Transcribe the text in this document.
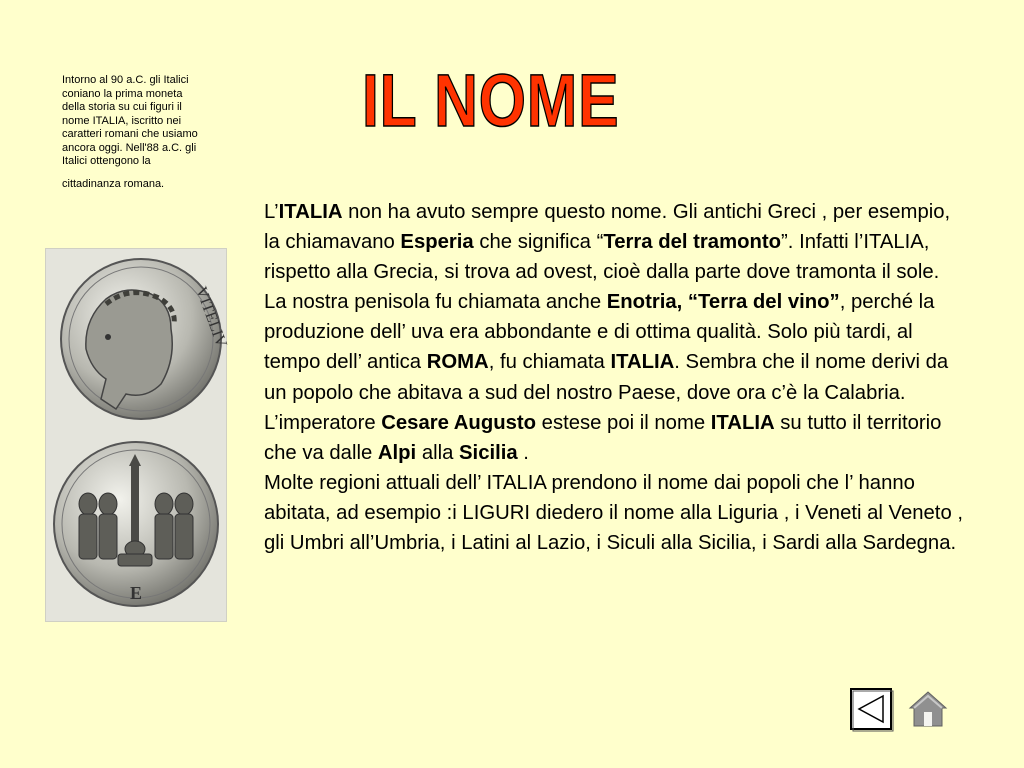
Intorno al 90 a.C. gli Italici coniano la prima moneta della storia su cui figuri il nome ITALIA, iscritto nei caratteri romani che usiamo ancora oggi. Nell'88 a.C. gli Italici ottengono la
cittadinanza romana.
VITELIV
E
IL NOME

L’ITALIA non ha avuto sempre questo nome. Gli antichi Greci , per esempio, la chiamavano Esperia che significa “Terra del tramonto”. Infatti l’ITALIA, rispetto alla Grecia, si trova ad ovest, cioè dalla parte dove tramonta il sole.

La nostra penisola fu chiamata anche Enotria, “Terra del vino”, perché la produzione dell’ uva era abbondante e di ottima qualità. Solo più tardi, al tempo dell’ antica ROMA, fu chiamata ITALIA. Sembra che il nome derivi da un popolo che abitava a sud del nostro Paese, dove ora c’è la Calabria.

L’imperatore Cesare Augusto estese poi il nome ITALIA su tutto il territorio che va dalle Alpi alla Sicilia .

Molte regioni attuali dell’ ITALIA prendono il nome dai popoli che l’ hanno abitata, ad esempio :i LIGURI diedero il nome alla Liguria , i Veneti al Veneto , gli Umbri all’Umbria, i Latini al Lazio, i Siculi alla Sicilia, i Sardi alla Sardegna.
